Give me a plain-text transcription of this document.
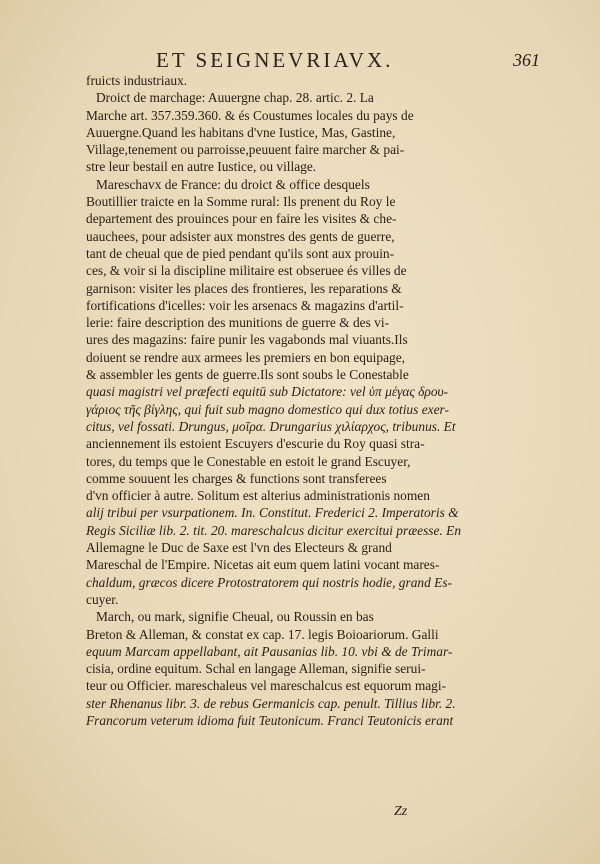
ET SEIGNEVRIAVX.	361
fruicts industriaux.
Droict de marchage: Auuergne chap. 28. artic. 2. La
Marche art. 357.359.360. & és Coustumes locales du pays de
Auuergne.Quand les habitans d'vne Iustice, Mas, Gastine,
Village,tenement ou parroisse,peuuent faire marcher & pai-
stre leur bestail en autre Iustice, ou village.
Mareschavx de France: du droict & office desquels
Boutillier traicte en la Somme rural: Ils prenent du Roy le
departement des prouinces pour en faire les visites & che-
uauchees, pour adsister aux monstres des gents de guerre,
tant de cheual que de pied pendant qu'ils sont aux prouin-
ces, & voir si la discipline militaire est obseruee és villes de
garnison: visiter les places des frontieres, les reparations &
fortifications d'icelles: voir les arsenacs & magazins d'artil-
lerie: faire description des munitions de guerre & des vi-
ures des magazins: faire punir les vagabonds mal viuants.Ils
doiuent se rendre aux armees les premiers en bon equipage,
& assembler les gents de guerre.Ils sont soubs le Conestable
quasi magistri vel præfecti equitū sub Dictatore: vel ὑπ μέγας δρου-
γάριος τῆς βίγλης, qui fuit sub magno domestico qui dux totius exer-
citus, vel fossati. Drungus, μοῖρα. Drungarius χιλίαρχος, tribunus. Et
anciennement ils estoient Escuyers d'escurie du Roy quasi stra-
tores, du temps que le Conestable en estoit le grand Escuyer,
comme souuent les charges & functions sont transferees
d'vn officier à autre. Solitum est alterius administrationis nomen
alij tribui per vsurpationem. In. Constitut. Frederici 2. Imperatoris &
Regis Siciliæ lib. 2. tit. 20. mareschalcus dicitur exercitui præesse. En
Allemagne le Duc de Saxe est l'vn des Electeurs & grand
Mareschal de l'Empire. Nicetas ait eum quem latini vocant mares-
chaldum, græcos dicere Protostratorem qui nostris hodie, grand Es-
cuyer.
March, ou mark, signifie Cheual, ou Roussin en bas
Breton & Alleman, & constat ex cap. 17. legis Boioariorum. Galli
equum Marcam appellabant, ait Pausanias lib. 10. vbi & de Trimar-
cisia, ordine equitum. Schal en langage Alleman, signifie serui-
teur ou Officier. mareschaleus vel mareschalcus est equorum magi-
ster Rhenanus libr. 3. de rebus Germanicis cap. penult. Tillius libr. 2.
Francorum veterum idioma fuit Teutonicum. Franci Teutonicis erant
Zz
